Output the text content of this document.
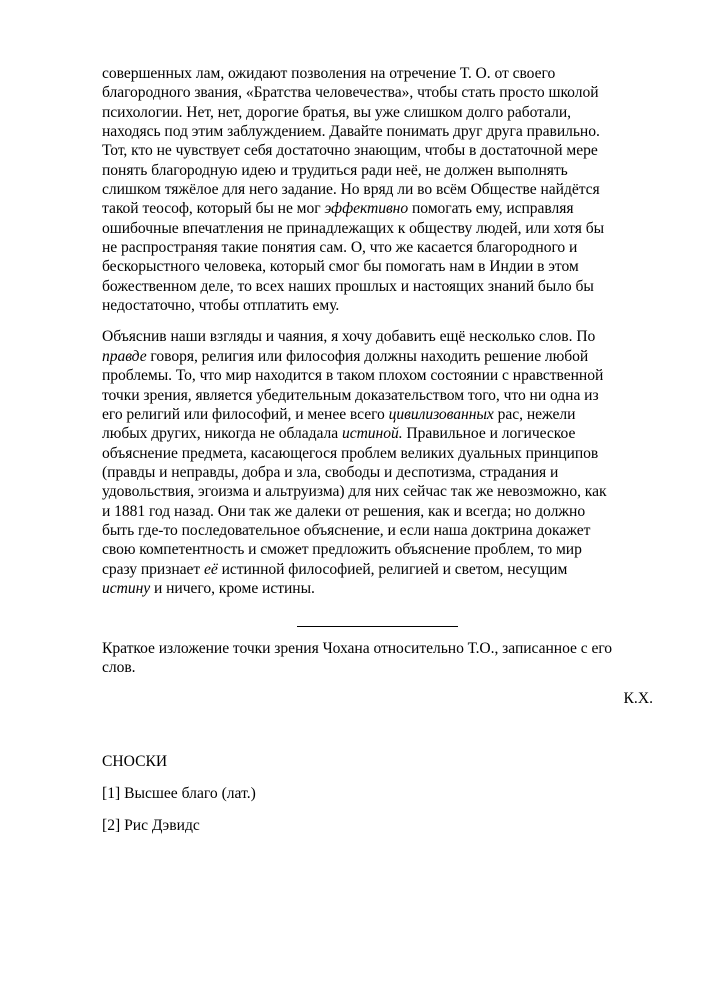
совершенных лам, ожидают позволения на отречение Т. О. от своего
благородного звания, «Братства человечества», чтобы стать просто школой
психологии. Нет, нет, дорогие братья, вы уже слишком долго работали,
находясь под этим заблуждением. Давайте понимать друг друга правильно.
Тот, кто не чувствует себя достаточно знающим, чтобы в достаточной мере
понять благородную идею и трудиться ради неё, не должен выполнять
слишком тяжёлое для него задание. Но вряд ли во всём Обществе найдётся
такой теософ, который бы не мог эффективно помогать ему, исправляя
ошибочные впечатления не принадлежащих к обществу людей, или хотя бы
не распространяя такие понятия сам. О, что же касается благородного и
бескорыстного человека, который смог бы помогать нам в Индии в этом
божественном деле, то всех наших прошлых и настоящих знаний было бы
недостаточно, чтобы отплатить ему.
Объяснив наши взгляды и чаяния, я хочу добавить ещё несколько слов. По
правде говоря, религия или философия должны находить решение любой
проблемы. То, что мир находится в таком плохом состоянии с нравственной
точки зрения, является убедительным доказательством того, что ни одна из
его религий или философий, и менее всего цивилизованных рас, нежели
любых других, никогда не обладала истиной. Правильное и логическое
объяснение предмета, касающегося проблем великих дуальных принципов
(правды и неправды, добра и зла, свободы и деспотизма, страдания и
удовольствия, эгоизма и альтруизма) для них сейчас так же невозможно, как
и 1881 год назад. Они так же далеки от решения, как и всегда; но должно
быть где-то последовательное объяснение, и если наша доктрина докажет
свою компетентность и сможет предложить объяснение проблем, то мир
сразу признает её истинной философией, религией и светом, несущим
истину и ничего, кроме истины.
Краткое изложение точки зрения Чохана относительно Т.О., записанное с его
слов.
К.Х.
СНОСКИ
[1] Высшее благо (лат.)
[2] Рис Дэвидс
